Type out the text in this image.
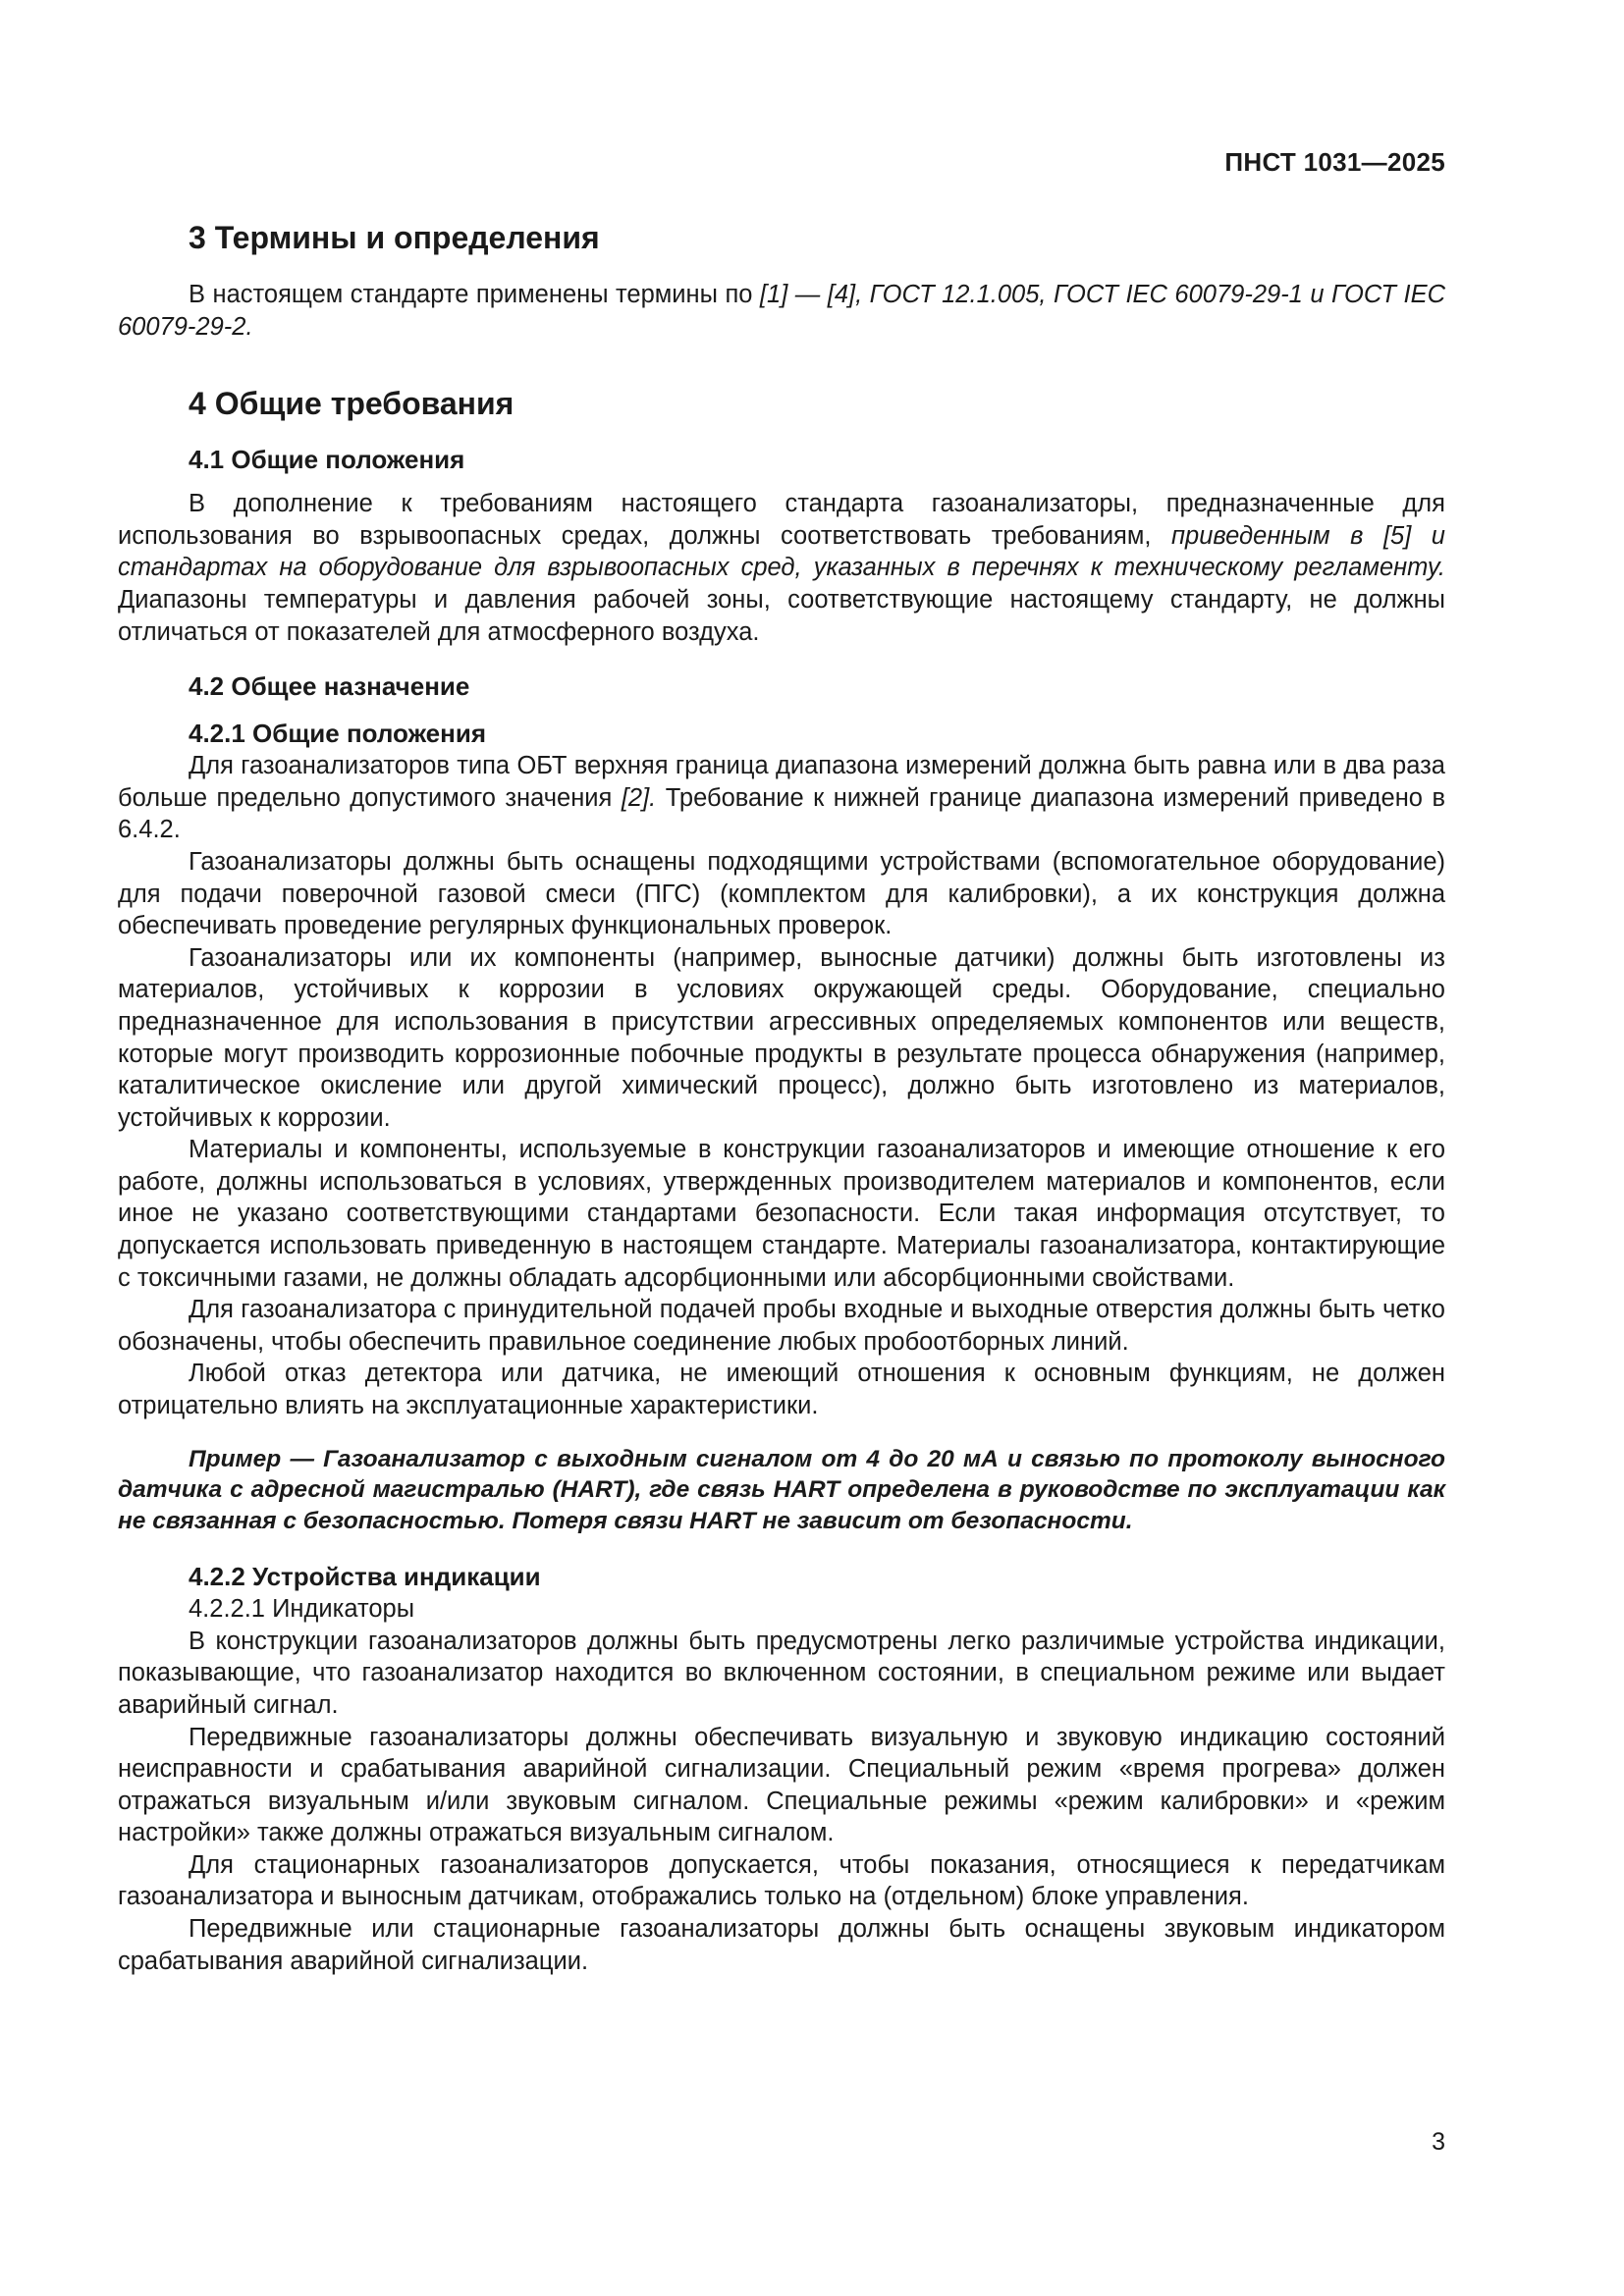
ПНСТ 1031—2025
3 Термины и определения

В настоящем стандарте применены термины по [1] — [4], ГОСТ 12.1.005, ГОСТ IEC 60079-29-1 и ГОСТ IEC 60079-29-2.

4 Общие требования
4.1 Общие положения

В дополнение к требованиям настоящего стандарта газоанализаторы, предназначенные для использования во взрывоопасных средах, должны соответствовать требованиям, приведенным в [5] и стандартах на оборудование для взрывоопасных сред, указанных в перечнях к техническому регламенту. Диапазоны температуры и давления рабочей зоны, соответствующие настоящему стандарту, не должны отличаться от показателей для атмосферного воздуха.

4.2 Общее назначение
4.2.1 Общие положения

Для газоанализаторов типа ОБТ верхняя граница диапазона измерений должна быть равна или в два раза больше предельно допустимого значения [2]. Требование к нижней границе диапазона измерений приведено в 6.4.2.

Газоанализаторы должны быть оснащены подходящими устройствами (вспомогательное оборудование) для подачи поверочной газовой смеси (ПГС) (комплектом для калибровки), а их конструкция должна обеспечивать проведение регулярных функциональных проверок.

Газоанализаторы или их компоненты (например, выносные датчики) должны быть изготовлены из материалов, устойчивых к коррозии в условиях окружающей среды. Оборудование, специально предназначенное для использования в присутствии агрессивных определяемых компонентов или веществ, которые могут производить коррозионные побочные продукты в результате процесса обнаружения (например, каталитическое окисление или другой химический процесс), должно быть изготовлено из материалов, устойчивых к коррозии.

Материалы и компоненты, используемые в конструкции газоанализаторов и имеющие отношение к его работе, должны использоваться в условиях, утвержденных производителем материалов и компонентов, если иное не указано соответствующими стандартами безопасности. Если такая информация отсутствует, то допускается использовать приведенную в настоящем стандарте. Материалы газоанализатора, контактирующие с токсичными газами, не должны обладать адсорбционными или абсорбционными свойствами.

Для газоанализатора с принудительной подачей пробы входные и выходные отверстия должны быть четко обозначены, чтобы обеспечить правильное соединение любых пробоотборных линий.

Любой отказ детектора или датчика, не имеющий отношения к основным функциям, не должен отрицательно влиять на эксплуатационные характеристики.

Пример — Газоанализатор с выходным сигналом от 4 до 20 мА и связью по протоколу выносного датчика с адресной магистралью (HART), где связь HART определена в руководстве по эксплуатации как не связанная с безопасностью. Потеря связи HART не зависит от безопасности.

4.2.2 Устройства индикации
4.2.2.1 Индикаторы

В конструкции газоанализаторов должны быть предусмотрены легко различимые устройства индикации, показывающие, что газоанализатор находится во включенном состоянии, в специальном режиме или выдает аварийный сигнал.

Передвижные газоанализаторы должны обеспечивать визуальную и звуковую индикацию состояний неисправности и срабатывания аварийной сигнализации. Специальный режим «время прогрева» должен отражаться визуальным и/или звуковым сигналом. Специальные режимы «режим калибровки» и «режим настройки» также должны отражаться визуальным сигналом.

Для стационарных газоанализаторов допускается, чтобы показания, относящиеся к передатчикам газоанализатора и выносным датчикам, отображались только на (отдельном) блоке управления.

Передвижные или стационарные газоанализаторы должны быть оснащены звуковым индикатором срабатывания аварийной сигнализации.

3
